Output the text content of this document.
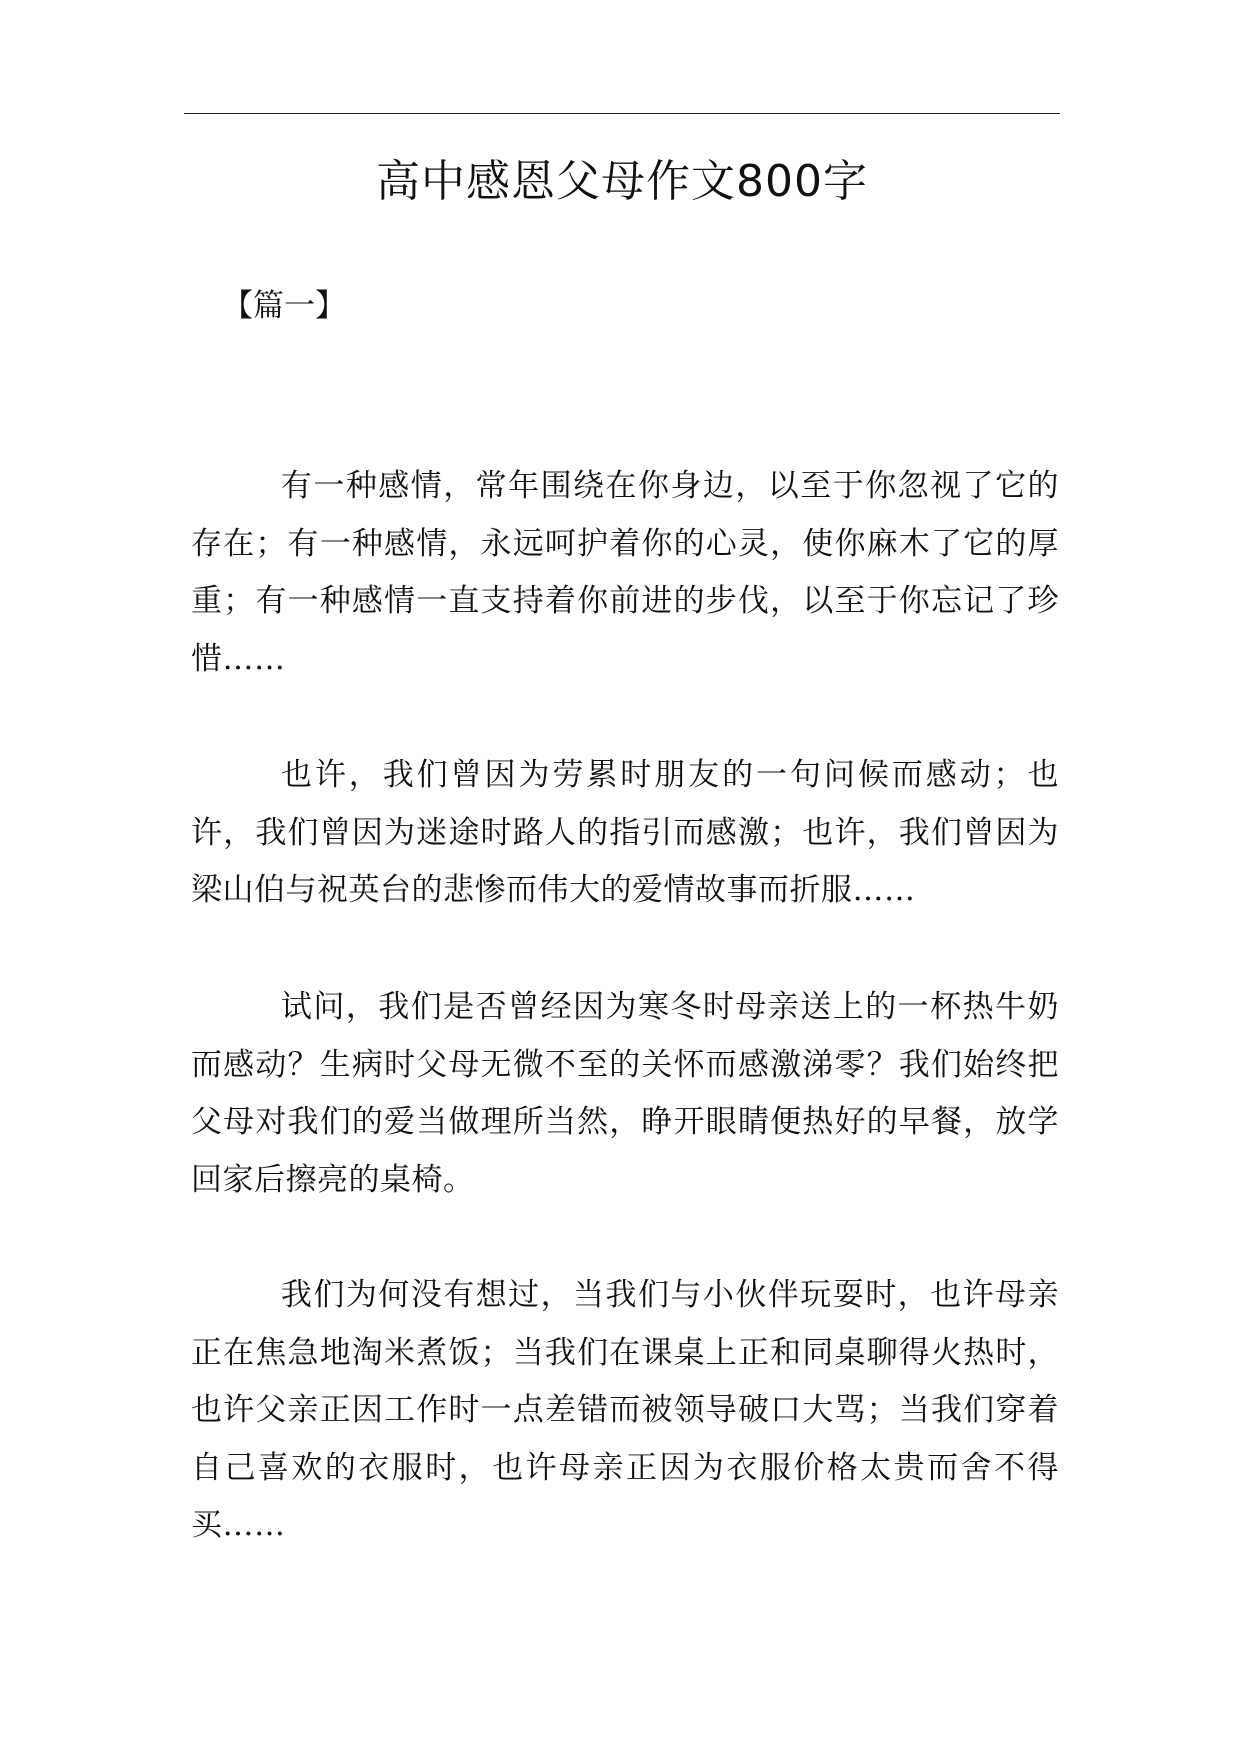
高中感恩父母作文800字

【篇一】

有一种感情，常年围绕在你身边，以至于你忽视了它的存在；有一种感情，永远呵护着你的心灵，使你麻木了它的厚重；有一种感情一直支持着你前进的步伐，以至于你忘记了珍惜……

也许，我们曾因为劳累时朋友的一句问候而感动；也许，我们曾因为迷途时路人的指引而感激；也许，我们曾因为梁山伯与祝英台的悲惨而伟大的爱情故事而折服……

试问，我们是否曾经因为寒冬时母亲送上的一杯热牛奶而感动？生病时父母无微不至的关怀而感激涕零？我们始终把父母对我们的爱当做理所当然，睁开眼睛便热好的早餐，放学回家后擦亮的桌椅。

我们为何没有想过，当我们与小伙伴玩耍时，也许母亲正在焦急地淘米煮饭；当我们在课桌上正和同桌聊得火热时，也许父亲正因工作时一点差错而被领导破口大骂；当我们穿着自己喜欢的衣服时，也许母亲正因为衣服价格太贵而舍不得买……
